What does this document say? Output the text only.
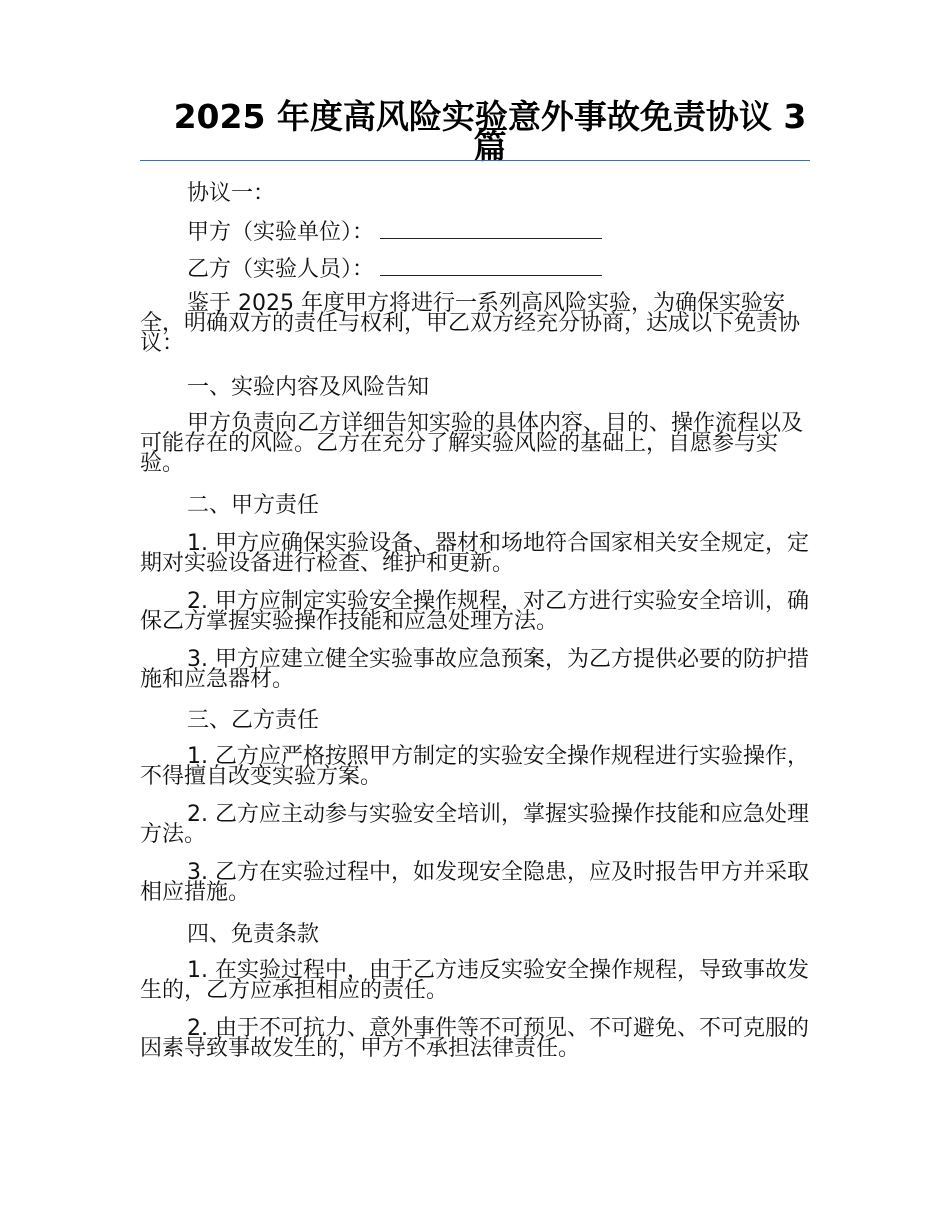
2025 年度高风险实验意外事故免责协议 3 篇
协议一：
甲方（实验单位）：
乙方（实验人员）：
鉴于 2025 年度甲方将进行一系列高风险实验，为确保实验安全，明确双方的责任与权利，甲乙双方经充分协商，达成以下免责协议：
一、实验内容及风险告知
甲方负责向乙方详细告知实验的具体内容、目的、操作流程以及可能存在的风险。乙方在充分了解实验风险的基础上，自愿参与实验。
二、甲方责任
1. 甲方应确保实验设备、器材和场地符合国家相关安全规定，定期对实验设备进行检查、维护和更新。
2. 甲方应制定实验安全操作规程，对乙方进行实验安全培训，确保乙方掌握实验操作技能和应急处理方法。
3. 甲方应建立健全实验事故应急预案，为乙方提供必要的防护措施和应急器材。
三、乙方责任
1. 乙方应严格按照甲方制定的实验安全操作规程进行实验操作，不得擅自改变实验方案。
2. 乙方应主动参与实验安全培训，掌握实验操作技能和应急处理方法。
3. 乙方在实验过程中，如发现安全隐患，应及时报告甲方并采取相应措施。
四、免责条款
1. 在实验过程中，由于乙方违反实验安全操作规程，导致事故发生的，乙方应承担相应的责任。
2. 由于不可抗力、意外事件等不可预见、不可避免、不可克服的因素导致事故发生的，甲方不承担法律责任。
